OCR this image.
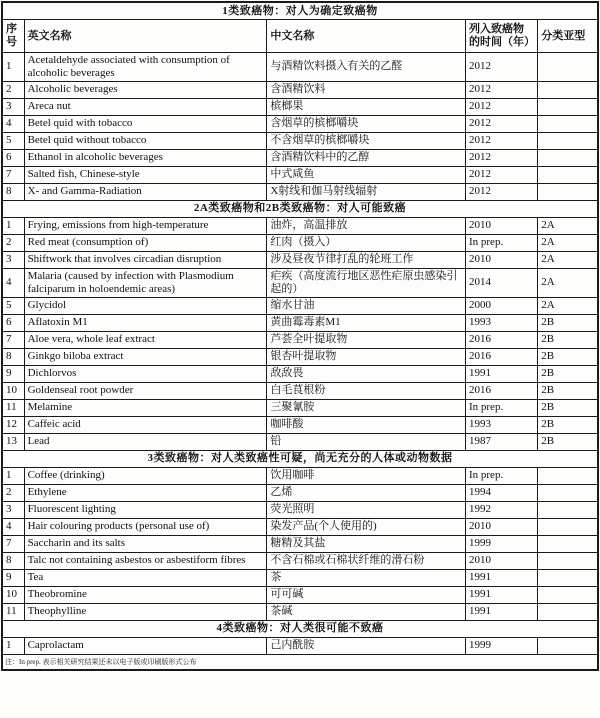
1类致癌物：对人为确定致癌物				
序号	英文名称	中文名称	列入致癌物的时间（年）	分类亚型
1	Acetaldehyde associated with consumption of alcoholic beverages	与酒精饮料摄入有关的乙醛	2012	
2	Alcoholic beverages	含酒精饮料	2012	
3	Areca nut	槟榔果	2012	
4	Betel quid with tobacco	含烟草的槟榔嚼块	2012	
5	Betel quid without tobacco	不含烟草的槟榔嚼块	2012	
6	Ethanol in alcoholic beverages	含酒精饮料中的乙醇	2012	
7	Salted fish, Chinese-style	中式咸鱼	2012	
8	X- and Gamma-Radiation	X射线和伽马射线辐射	2012	
2A类致癌物和2B类致癌物：对人可能致癌				
1	Frying, emissions from high-temperature	油炸，高温排放	2010	2A
2	Red meat (consumption of)	红肉（摄入）	In prep.	2A
3	Shiftwork that involves circadian disruption	涉及昼夜节律打乱的轮班工作	2010	2A
4	Malaria (caused by infection with Plasmodium falciparum in holoendemic areas)	疟疾（高度流行地区恶性疟原虫感染引起的）	2014	2A
5	Glycidol	缩水甘油	2000	2A
6	Aflatoxin M1	黄曲霉毒素M1	1993	2B
7	Aloe vera, whole leaf extract	芦荟全叶提取物	2016	2B
8	Ginkgo biloba extract	银杏叶提取物	2016	2B
9	Dichlorvos	敌敌畏	1991	2B
10	Goldenseal root powder	白毛茛根粉	2016	2B
11	Melamine	三聚氰胺	In prep.	2B
12	Caffeic acid	咖啡酸	1993	2B
13	Lead	铅	1987	2B
3类致癌物：对人类致癌性可疑，尚无充分的人体或动物数据				
1	Coffee (drinking)	饮用咖啡	In prep.	
2	Ethylene	乙烯	1994	
3	Fluorescent lighting	荧光照明	1992	
4	Hair colouring products (personal use of)	染发产品(个人使用的)	2010	
7	Saccharin and its salts	糖精及其盐	1999	
8	Talc not containing asbestos or asbestiform fibres	不含石棉或石棉状纤维的滑石粉	2010	
9	Tea	茶	1991	
10	Theobromine	可可碱	1991	
11	Theophylline	茶碱	1991	
4类致癌物：对人类很可能不致癌				
1	Caprolactam	己内酰胺	1999	
注：In prep. 表示相关研究结果还未以电子版或印刷版形式公布				
